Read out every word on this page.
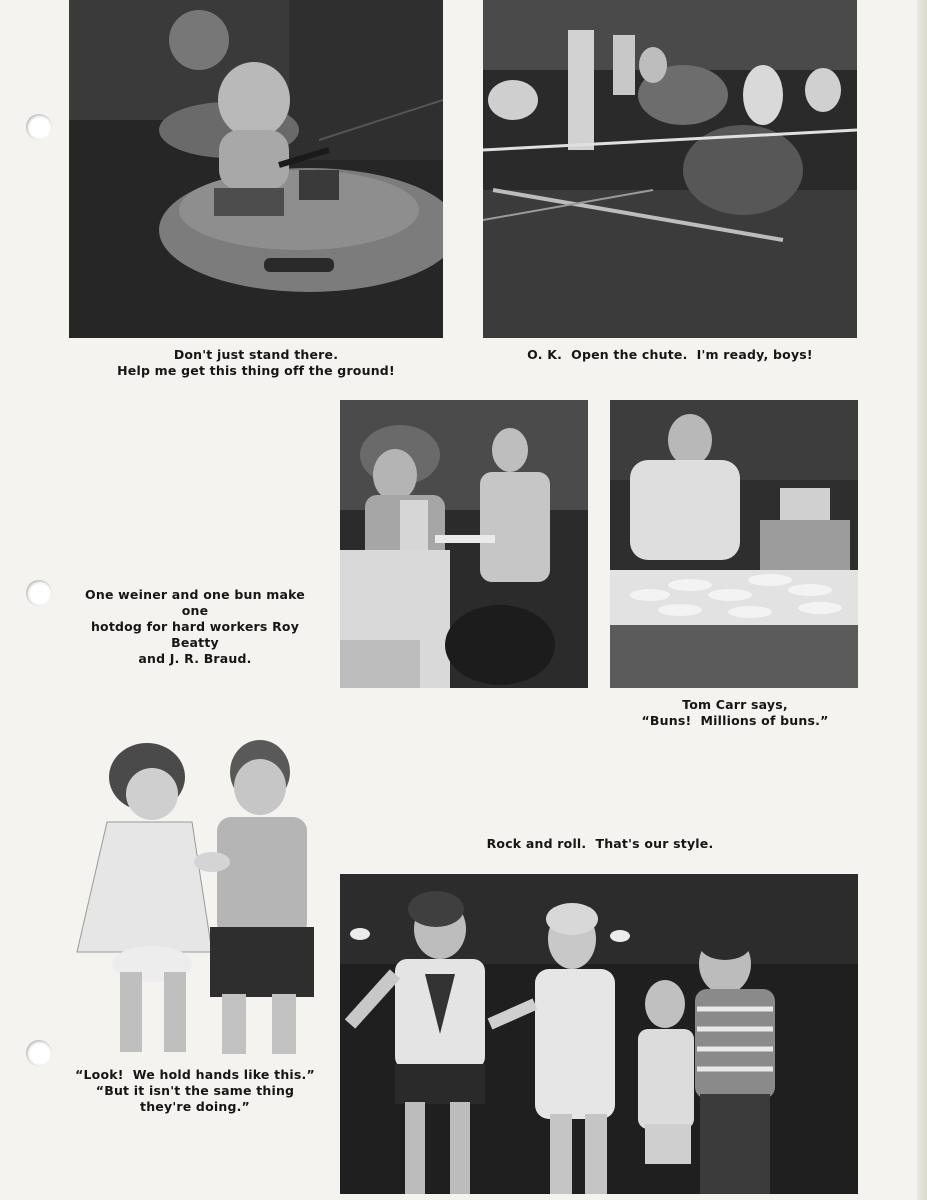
Don't just stand there.
Help me get this thing off the ground!
O. K.  Open the chute.  I'm ready, boys!
One weiner and one bun make one
hotdog for hard workers Roy Beatty
and J. R. Braud.
Tom Carr says,
“Buns!  Millions of buns.”
“Look!  We hold hands like this.”
“But it isn't the same thing
they're doing.”
Rock and roll.  That's our style.
